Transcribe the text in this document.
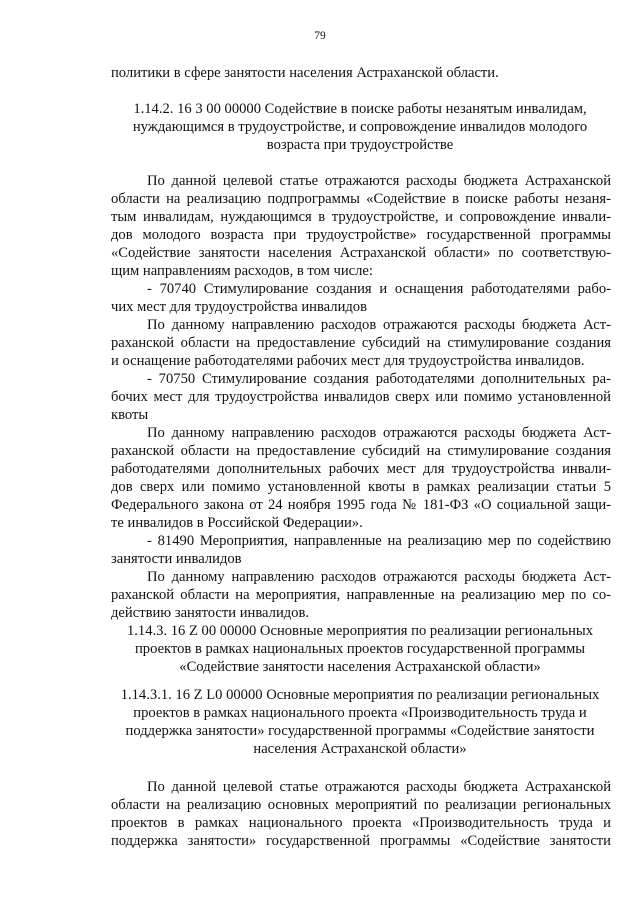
79
политики в сфере занятости населения Астраханской области.
1.14.2. 16 3 00 00000 Содействие в поиске работы незанятым инвалидам,
нуждающимся в трудоустройстве, и сопровождение инвалидов молодого
возраста при трудоустройстве
По данной целевой статье отражаются расходы бюджета Астраханской
области на реализацию подпрограммы «Содействие в поиске работы незаня-
тым инвалидам, нуждающимся в трудоустройстве, и сопровождение инвали-
дов молодого возраста при трудоустройстве» государственной программы
«Содействие занятости населения Астраханской области» по соответствую-
щим направлениям расходов, в том числе:
- 70740 Стимулирование создания и оснащения работодателями рабо-
чих мест для трудоустройства инвалидов
По данному направлению расходов отражаются расходы бюджета Аст-
раханской области на предоставление субсидий на стимулирование создания
и оснащение работодателями рабочих мест для трудоустройства инвалидов.
- 70750 Стимулирование создания работодателями дополнительных ра-
бочих мест для трудоустройства инвалидов сверх или помимо установленной
квоты
По данному направлению расходов отражаются расходы бюджета Аст-
раханской области на предоставление субсидий на стимулирование создания
работодателями дополнительных рабочих мест для трудоустройства инвали-
дов сверх или помимо установленной квоты в рамках реализации статьи 5
Федерального закона от 24 ноября 1995 года № 181-ФЗ «О социальной защи-
те инвалидов в Российской Федерации».
- 81490 Мероприятия, направленные на реализацию мер по содействию
занятости инвалидов
По данному направлению расходов отражаются расходы бюджета Аст-
раханской области на мероприятия, направленные на реализацию мер по со-
действию занятости инвалидов.
1.14.3. 16 Z 00 00000 Основные мероприятия по реализации региональных
проектов в рамках национальных проектов государственной программы
«Содействие занятости населения Астраханской области»
1.14.3.1. 16 Z L0 00000 Основные мероприятия по реализации региональных
проектов в рамках национального проекта «Производительность труда и
поддержка занятости» государственной программы «Содействие занятости
населения Астраханской области»
По данной целевой статье отражаются расходы бюджета Астраханской
области на реализацию основных мероприятий по реализации региональных
проектов в рамках национального проекта «Производительность труда и
поддержка занятости» государственной программы «Содействие занятости
